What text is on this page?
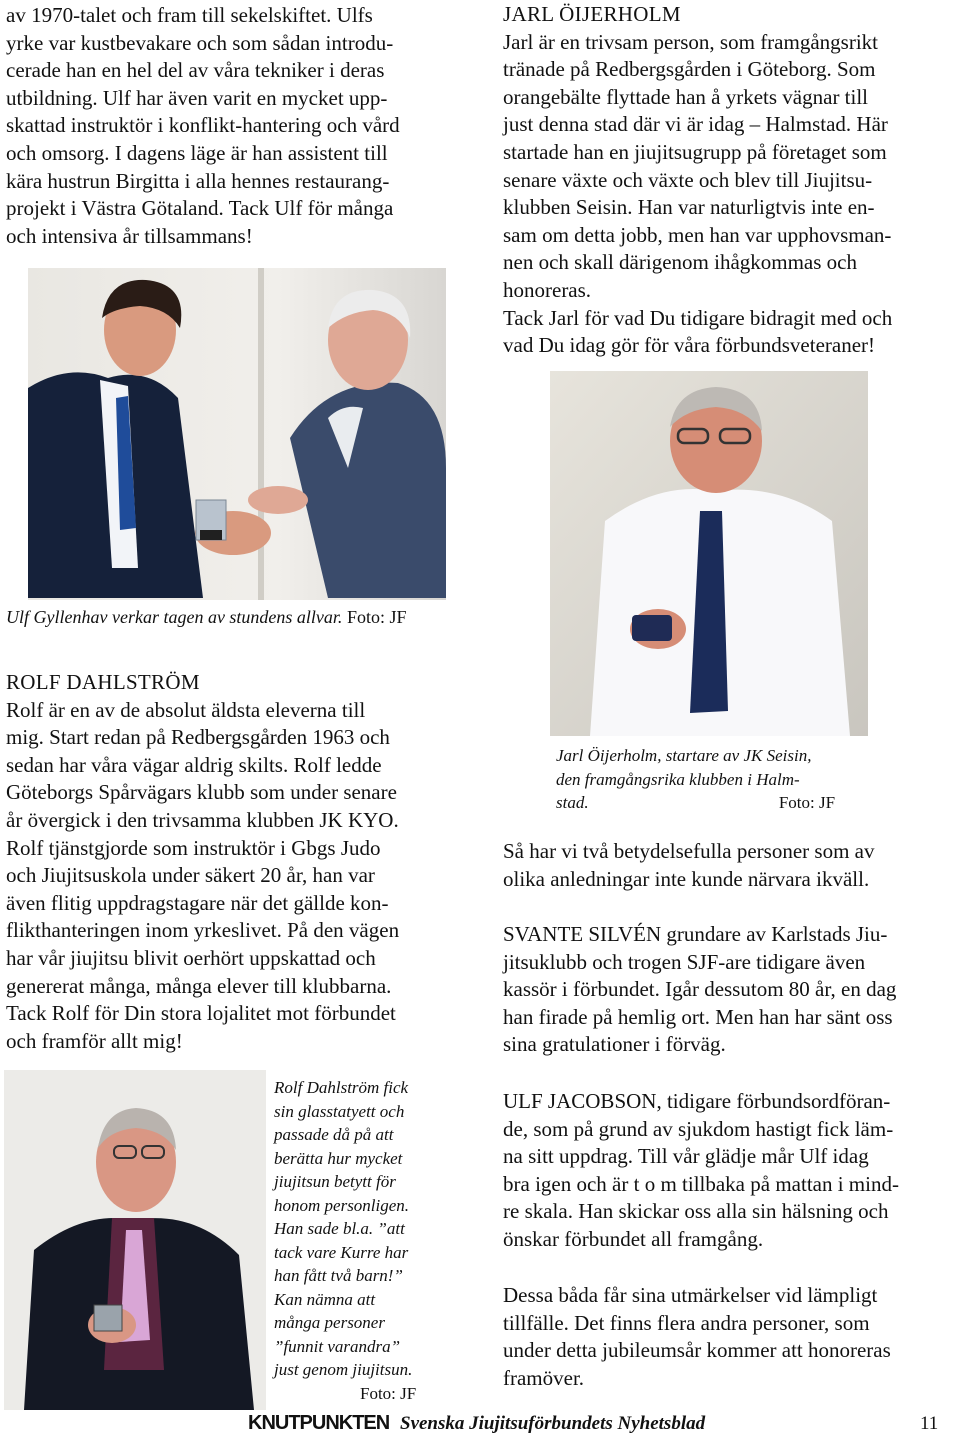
av 1970-talet och fram till sekelskiftet. Ulfs

yrke var kustbevakare och som sådan introdu-

cerade han en hel del av våra tekniker i deras

utbildning. Ulf har även varit en mycket upp-

skattad instruktör i konflikt-hantering och vård

och omsorg. I dagens läge är han assistent till

kära hustrun Birgitta i alla hennes restaurang-

projekt i Västra Götaland. Tack Ulf för många

och intensiva år tillsammans!

Ulf Gyllenhav verkar tagen av stundens allvar. Foto: JF

ROLF DAHLSTRÖM

Rolf är en av de absolut äldsta eleverna till

mig. Start redan på Redbergsgården 1963 och

sedan har våra vägar aldrig skilts. Rolf ledde

Göteborgs Spårvägars klubb som under senare

år övergick i den trivsamma klubben JK KYO.

Rolf tjänstgjorde som instruktör i Gbgs Judo

och Jiujitsuskola under säkert 20 år, han var

även flitig uppdragstagare när det gällde kon-

flikthanteringen inom yrkeslivet. På den vägen

har vår jiujitsu blivit oerhört uppskattad och

genererat många, många elever till klubbarna.

Tack Rolf för Din stora lojalitet mot förbundet

och framför allt mig!

Rolf Dahlström fick
sin glasstatyett och
passade då på att
berätta hur mycket
jiujitsun betytt för
honom personligen.
Han sade bl.a. ”att
tack vare Kurre har
han fått två barn!”
Kan nämna att
många personer
”funnit varandra”
just genom jiujitsun.
Foto: JF

JARL ÖIJERHOLM

Jarl är en trivsam person, som framgångsrikt

tränade på Redbergsgården i Göteborg. Som

orangebälte flyttade han å yrkets vägnar till

just denna stad där vi är idag – Halmstad. Här

startade han en jiujitsugrupp på företaget som

senare växte och växte och blev till Jiujitsu-

klubben Seisin. Han var naturligtvis inte en-

sam om detta jobb, men han var upphovsman-

nen och skall därigenom ihågkommas och

honoreras.

Tack Jarl för vad Du tidigare bidragit med och

vad Du idag gör för våra förbundsveteraner!

Jarl Öijerholm, startare av JK Seisin,
den framgångsrika klubben i Halm-
stad.	Foto: JF

Så har vi två betydelsefulla personer som av

olika anledningar inte kunde närvara ikväll.

SVANTE SILVÉN grundare av Karlstads Jiu-

jitsuklubb och trogen SJF-are tidigare även

kassör i förbundet. Igår dessutom 80 år, en dag

han firade på hemlig ort. Men han har sänt oss

sina gratulationer i förväg.

ULF JACOBSON, tidigare förbundsordföran-

de, som på grund av sjukdom hastigt fick läm-

na sitt uppdrag. Till vår glädje mår Ulf idag

bra igen och är t o m tillbaka på mattan i mind-

re skala. Han skickar oss alla sin hälsning och

önskar förbundet all framgång.

Dessa båda får sina utmärkelser vid lämpligt

tillfälle. Det finns flera andra personer, som

under detta jubileumsår kommer att honoreras

framöver.

KNUTPUNKTEN Svenska Jiujitsuförbundets Nyhetsblad	11
